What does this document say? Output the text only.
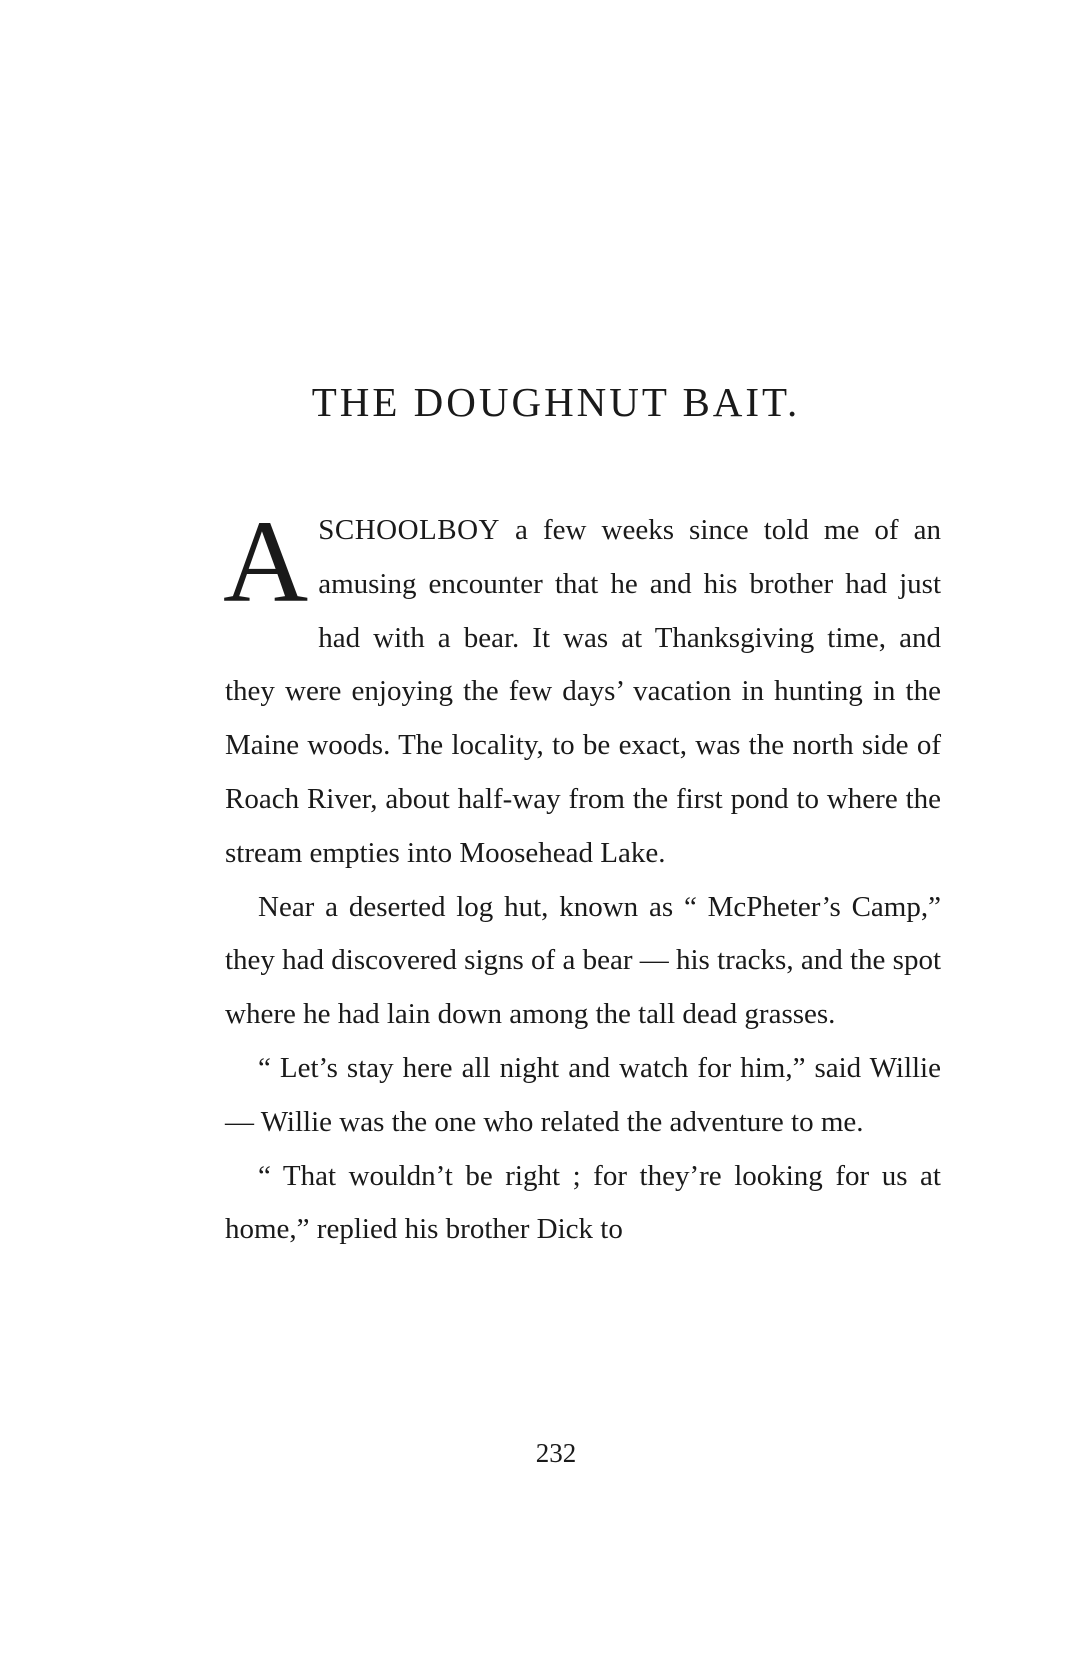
THE DOUGHNUT BAIT.

ASCHOOLBOY a few weeks since told me of an amusing encounter that he and his brother had just had with a bear. It was at Thanksgiving time, and they were enjoying the few days’ vacation in hunting in the Maine woods. The locality, to be exact, was the north side of Roach River, about half-way from the first pond to where the stream empties into Moosehead Lake.

Near a deserted log hut, known as “ McPheter’s Camp,” they had discovered signs of a bear — his tracks, and the spot where he had lain down among the tall dead grasses.

“ Let’s stay here all night and watch for him,” said Willie — Willie was the one who related the adventure to me.

“ That wouldn’t be right ; for they’re looking for us at home,” replied his brother Dick to

232
